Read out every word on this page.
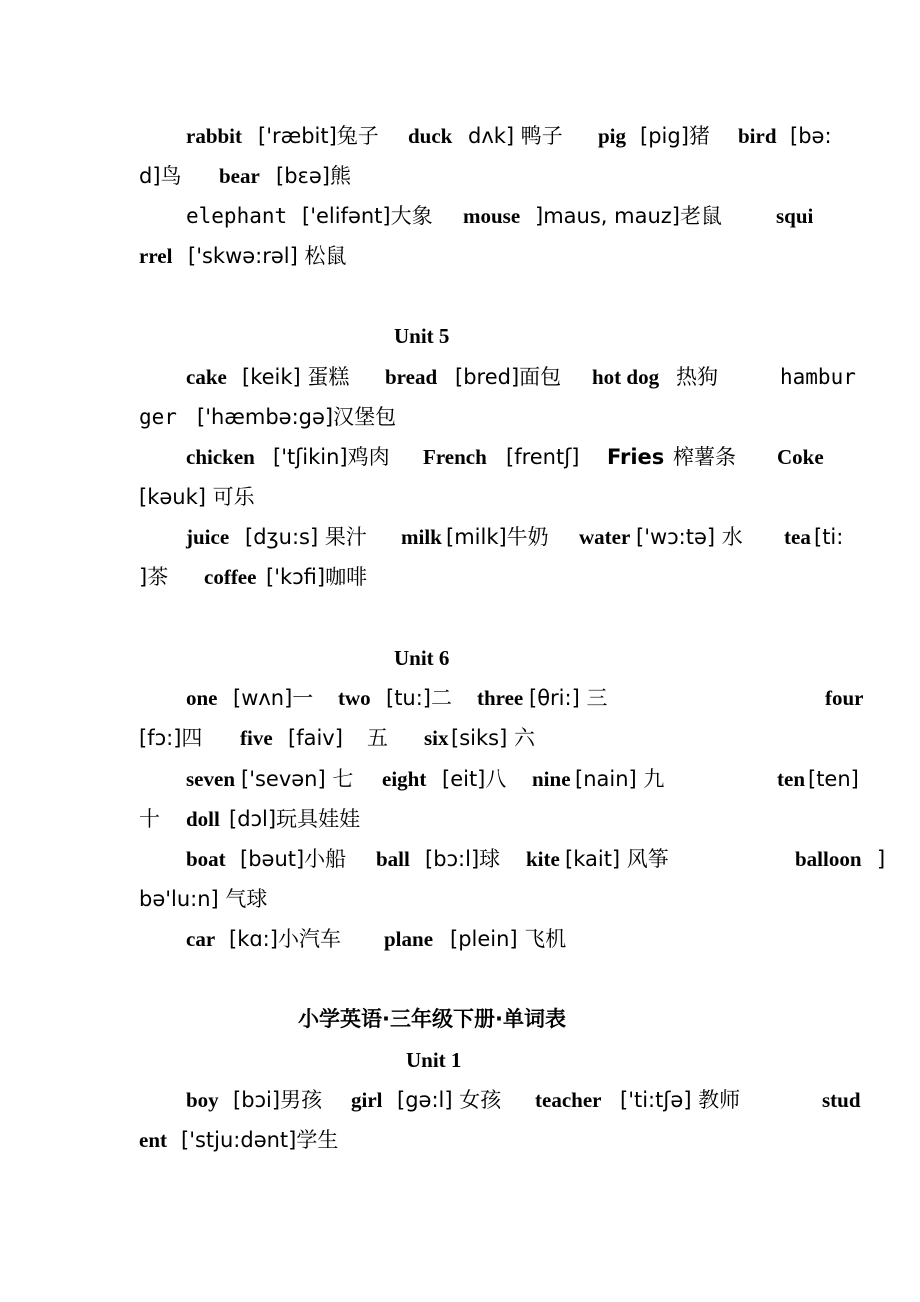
rabbit ['ræbit]兔子 duck dʌk] 鸭子 pig [pig]猪 bird [bə:
d]鸟 bear [bɛə]熊
elephant ['elifənt]大象 mouse ]maus, mauz]老鼠	squi
rrel ['skwə:rəl] 松鼠
Unit 5
cake [keik] 蛋糕 bread [bred]面包 hot dog 热狗	hambur
ger ['hæmbə:gə]汉堡包
chicken ['tʃikin]鸡肉 French [frentʃ] Fries 榨薯条 Coke
[kəuk] 可乐
juice [dʒu:s] 果汁 milk [milk]牛奶 water ['wɔ:tə] 水 tea [ti:
]茶 coffee ['kɔfi]咖啡
Unit 6
one [wʌn]一 two [tu:]二 three [θri:] 三	four
[fɔ:]四 five [faiv] 五 six [siks] 六
seven ['sevən] 七 eight [eit]八 nine [nain] 九	ten [ten]
十 doll [dɔl]玩具娃娃
boat [bəut]小船 ball [bɔ:l]球 kite [kait] 风筝	balloon ]
bə'lu:n] 气球
car [kɑ:]小汽车 plane [plein] 飞机
小学英语·三年级下册·单词表
Unit 1
boy [bɔi]男孩 girl [gə:l] 女孩 teacher ['ti:tʃə] 教师	stud
ent ['stju:dənt]学生
